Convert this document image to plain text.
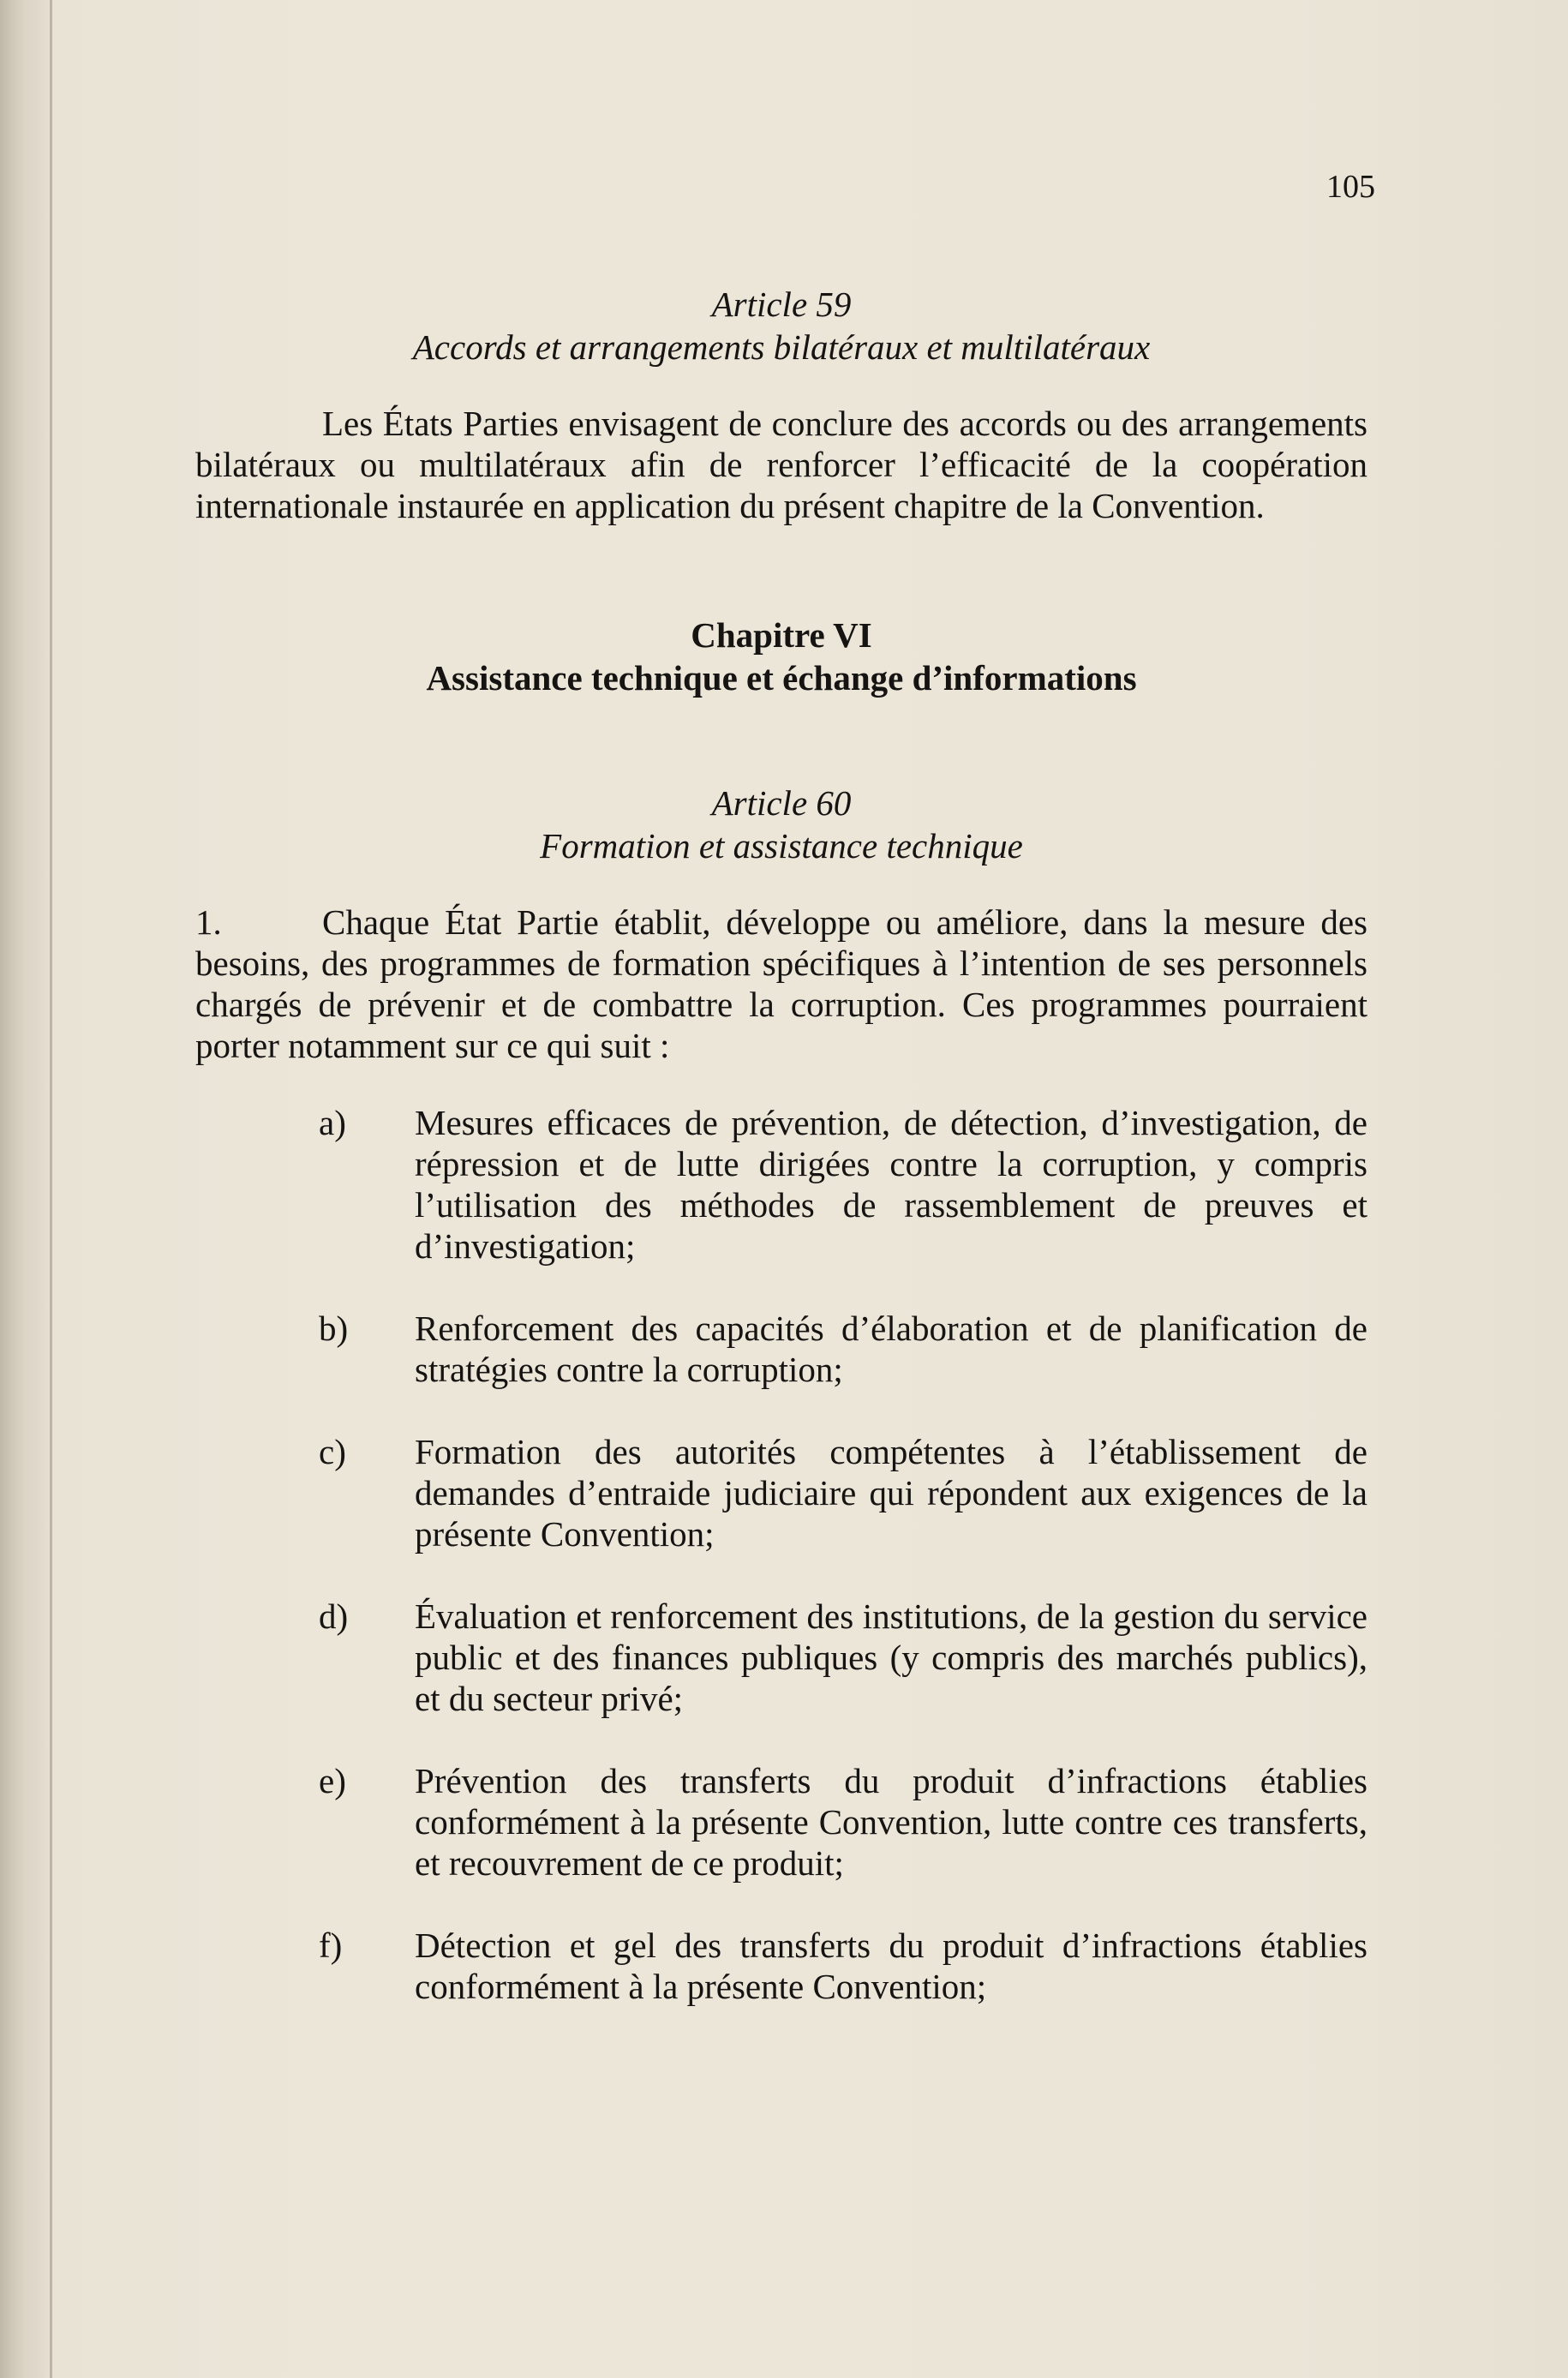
105

Article 59

Accords et arrangements bilatéraux et multilatéraux

Les États Parties envisagent de conclure des accords ou des arrangements bilatéraux ou multilatéraux afin de renforcer l’efficacité de la coopération internationale instaurée en application du présent chapitre de la Convention.

Chapitre VI

Assistance technique et échange d’informations

Article 60

Formation et assistance technique

1.	Chaque État Partie établit, développe ou améliore, dans la mesure des besoins, des programmes de formation spécifiques à l’intention de ses personnels chargés de prévenir et de combattre la corruption. Ces programmes pourraient porter notamment sur ce qui suit :

a) Mesures efficaces de prévention, de détection, d’investigation, de répression et de lutte dirigées contre la corruption, y compris l’utilisation des méthodes de rassemblement de preuves et d’investigation;
b) Renforcement des capacités d’élaboration et de planification de stratégies contre la corruption;
c) Formation des autorités compétentes à l’établissement de demandes d’entraide judiciaire qui répondent aux exigences de la présente Convention;
d) Évaluation et renforcement des institutions, de la gestion du service public et des finances publiques (y compris des marchés publics), et du secteur privé;
e) Prévention des transferts du produit d’infractions établies conformément à la présente Convention, lutte contre ces transferts, et recouvrement de ce produit;
f) Détection et gel des transferts du produit d’infractions établies conformément à la présente Convention;
